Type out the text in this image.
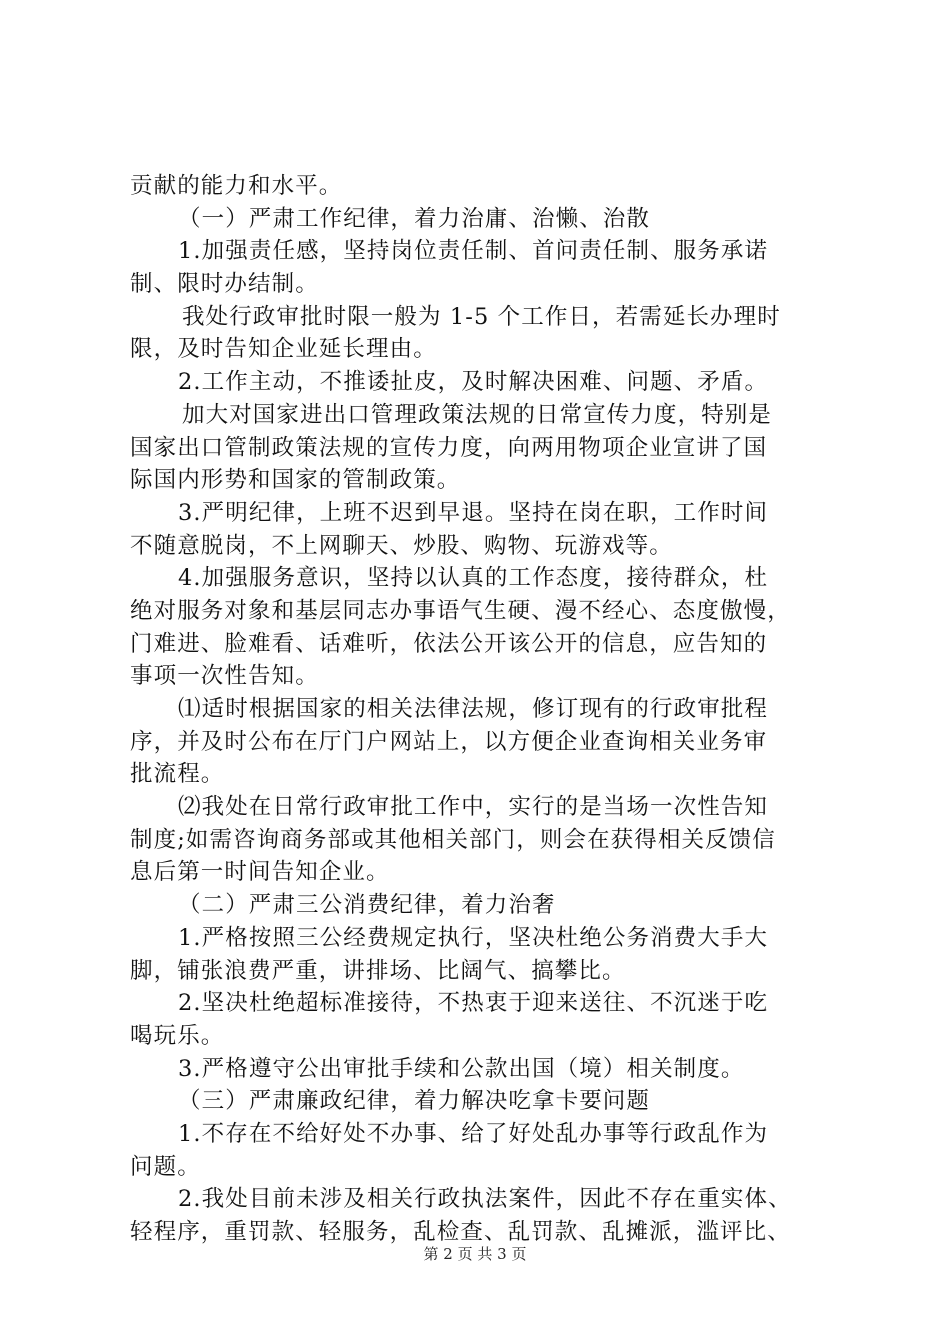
贡献的能力和水平。
（一）严肃工作纪律，着力治庸、治懒、治散
1.加强责任感，坚持岗位责任制、首问责任制、服务承诺
制、限时办结制。
我处行政审批时限一般为 1-5 个工作日，若需延长办理时
限，及时告知企业延长理由。
2.工作主动，不推诿扯皮，及时解决困难、问题、矛盾。
加大对国家进出口管理政策法规的日常宣传力度，特别是
国家出口管制政策法规的宣传力度，向两用物项企业宣讲了国
际国内形势和国家的管制政策。
3.严明纪律，上班不迟到早退。坚持在岗在职，工作时间
不随意脱岗，不上网聊天、炒股、购物、玩游戏等。
4.加强服务意识，坚持以认真的工作态度，接待群众，杜
绝对服务对象和基层同志办事语气生硬、漫不经心、态度傲慢，
门难进、脸难看、话难听，依法公开该公开的信息，应告知的
事项一次性告知。
⑴适时根据国家的相关法律法规，修订现有的行政审批程
序，并及时公布在厅门户网站上，以方便企业查询相关业务审
批流程。
⑵我处在日常行政审批工作中，实行的是当场一次性告知
制度;如需咨询商务部或其他相关部门，则会在获得相关反馈信
息后第一时间告知企业。
（二）严肃三公消费纪律，着力治奢
1.严格按照三公经费规定执行，坚决杜绝公务消费大手大
脚，铺张浪费严重，讲排场、比阔气、搞攀比。
2.坚决杜绝超标准接待，不热衷于迎来送往、不沉迷于吃
喝玩乐。
3.严格遵守公出审批手续和公款出国（境）相关制度。
（三）严肃廉政纪律，着力解决吃拿卡要问题
1.不存在不给好处不办事、给了好处乱办事等行政乱作为
问题。
2.我处目前未涉及相关行政执法案件，因此不存在重实体、
轻程序，重罚款、轻服务，乱检查、乱罚款、乱摊派，滥评比、
第 2 页 共 3 页
